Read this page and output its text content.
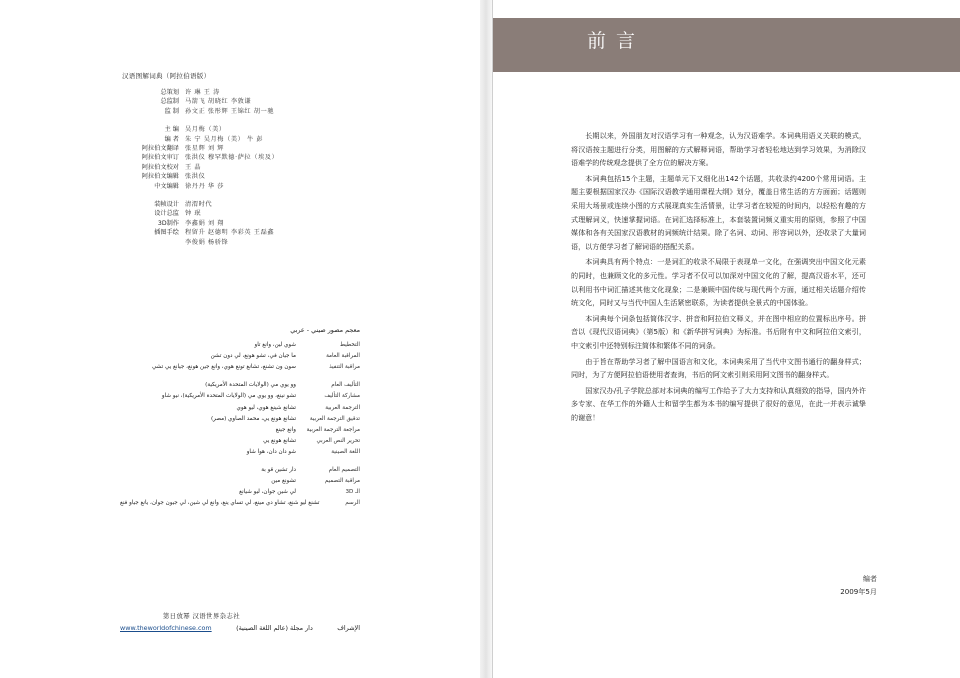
汉语图解词典（阿拉伯语版）
总策划 许 琳 王 涛
总监制 马箭飞 胡晓红 李敦谦
监 制 孙文正 张彤辉 王锦红 胡一驰
主 编 吴月梅（美）
编 者 朱 宁 吴月梅（美） 牛 彭
阿拉伯文翻译 张星辉 刘 辉
阿拉伯文审订 张洪仪 穆罕默德·萨拉（埃及）
阿拉伯文校对 王 晶
阿拉伯文编辑 张洪仪
中文编辑 徐丹丹 华 莎
装帧设计 清渭时代
设计总监 钟 珉
3D制作 李鑫娟 刘 翔
插图手绘 程留升 赵德明 李彩英 王磊鑫
李俊娟 杨骄锋
معجم مصور صيني - عربي
التخطيط
شوي لين، وانغ تاو
المراقبة العامة
ما جيان في، تشو هونغ، لي دون تشن
مراقبة التنفيذ
سون ون تشنغ، تشانغ تونغ هوي، وانغ جين هونغ، جيانغ يي تشي
التأليف العام
وو يوي مي (الولايات المتحدة الأمريكية)
مشاركة التأليف
تشو نينغ، وو يوي مي (الولايات المتحدة الأمريكية)، نيو شاو
الترجمة العربية
تشانغ شينغ هوي، ليو هوي
تدقيق الترجمة العربية
تشانغ هونغ يي، محمد الصاوي (مصر)
مراجعة الترجمة العربية
وانغ جينغ
تحرير النص العربي
تشانغ هونغ يي
اللغة الصينية
شو دان دان، هوا شاو
التصميم العام
دار تشين قو بة
مراقبة التصميم
تشونغ مين
الـ 3D
لي شين جوان، ليو شيانغ
الرسم
تشنغ ليو شنغ، تشاو دي مينغ، لي تساي ينغ، وانغ لي شين، لي جيون جوان، يانغ جياو فنغ
第日放幂 汉语世界杂志社
www.theworldofchinese.com	دار مجلة (عالم اللغة الصينية)	الإشراف
前言

长期以来，外国朋友对汉语学习有一种观念，认为汉语难学。本词典用语义关联的模式，将汉语按主题进行分类，用图解的方式解释词语，帮助学习者轻松地达到学习效果，为消除汉语难学的传统观念提供了全方位的解决方案。

本词典包括15个主题，主题单元下又细化出142个话题，共收录约4200个常用词语。主题主要根据国家汉办《国际汉语教学通用课程大纲》划分，覆盖日常生活的方方面面；话题则采用大场景或连续小图的方式展现真实生活情景，让学习者在较短的时间内，以轻松有趣的方式理解词义，快速掌握词语。在词汇选择标准上，本套装置词频义重实用的原则，参照了中国媒体和各有关国家汉语教材的词频统计结果。除了名词、动词、形容词以外，还收录了大量词语，以方便学习者了解词语的搭配关系。

本词典具有两个特点：一是词汇的收录不局限于表现单一文化，在强调突出中国文化元素的同时，也兼顾文化的多元性。学习者不仅可以加深对中国文化的了解，提高汉语水平，还可以利用书中词汇描述其他文化现象；二是兼顾中国传统与现代两个方面，通过相关话题介绍传统文化，同时又与当代中国人生活紧密联系，为读者提供全景式的中国体验。

本词典每个词条包括简体汉字、拼音和阿拉伯文释义，并在图中相应的位置标出序号。拼音以《现代汉语词典》（第5版）和《新华拼写词典》为标准。书后附有中文和阿拉伯文索引，中文索引中还特别标注简体和繁体不同的词条。

由于旨在帮助学习者了解中国语言和文化，本词典采用了当代中文图书通行的翻身样式；同时，为了方便阿拉伯语使用者查询，书后的阿文索引则采用阿文图书的翻身样式。

国家汉办/孔子学院总部对本词典的编写工作给予了大力支持和认真细致的指导，国内外许多专家、在华工作的外籍人士和留学生都为本书的编写提供了很好的意见，在此一并表示诚挚的谢意！

编者
2009年5月
